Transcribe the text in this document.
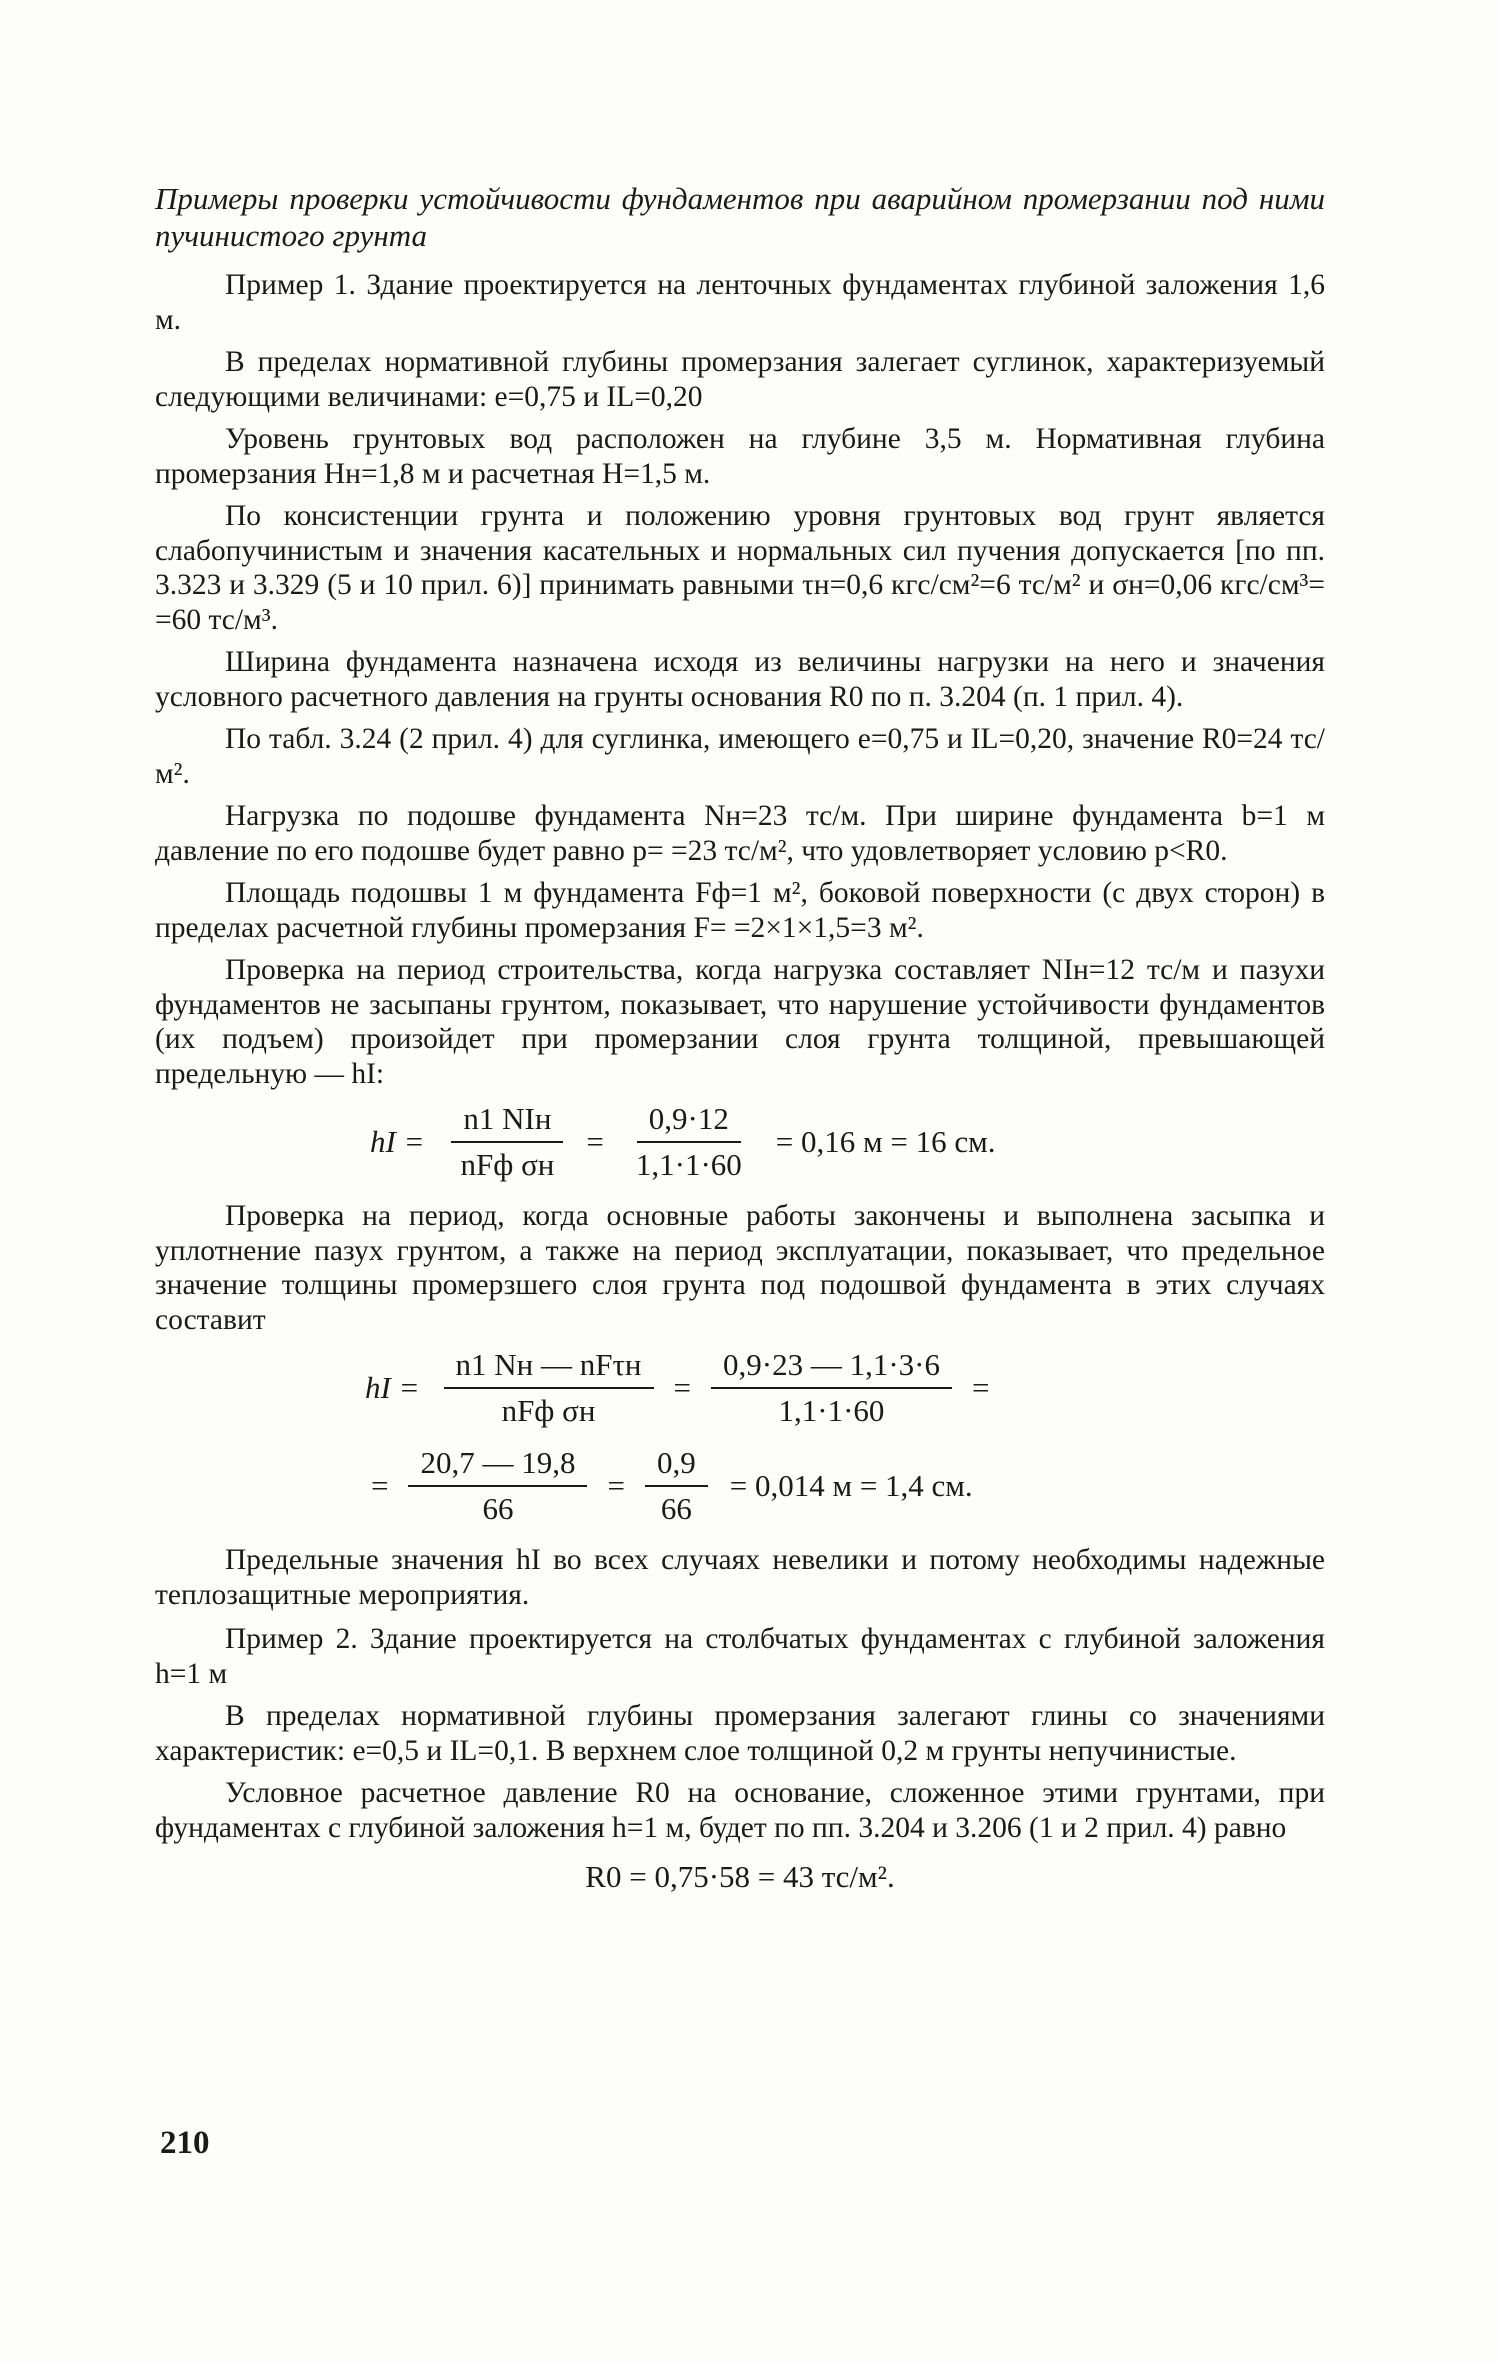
Примеры проверки устойчивости фундаментов при аварийном промерзании под ними пучинистого грунта

Пример 1. Здание проектируется на ленточных фундаментах глубиной заложения 1,6 м.

В пределах нормативной глубины промерзания залегает суглинок, характеризуемый следующими величинами: e=0,75 и IL=0,20

Уровень грунтовых вод расположен на глубине 3,5 м. Нормативная глубина промерзания Hн=1,8 м и расчетная H=1,5 м.

По консистенции грунта и положению уровня грунтовых вод грунт является слабопучинистым и значения касательных и нормальных сил пучения допускается [по пп. 3.323 и 3.329 (5 и 10 прил. 6)] принимать равными τн=0,6 кгс/см²=6 тс/м² и σн=0,06 кгс/см³= =60 тс/м³.

Ширина фундамента назначена исходя из величины нагрузки на него и значения условного расчетного давления на грунты основания R0 по п. 3.204 (п. 1 прил. 4).

По табл. 3.24 (2 прил. 4) для суглинка, имеющего e=0,75 и IL=0,20, значение R0=24 тс/м².

Нагрузка по подошве фундамента Nн=23 тс/м. При ширине фундамента b=1 м давление по его подошве будет равно p= =23 тс/м², что удовлетворяет условию p<R0.

Площадь подошвы 1 м фундамента Fф=1 м², боковой поверхности (с двух сторон) в пределах расчетной глубины промерзания F= =2×1×1,5=3 м².

Проверка на период строительства, когда нагрузка составляет NIн=12 тс/м и пазухи фундаментов не засыпаны грунтом, показывает, что нарушение устойчивости фундаментов (их подъем) произойдет при промерзании слоя грунта толщиной, превышающей предельную — hI:

hI = $\frac{\text{n1 NIн}}{\text{nFф σн}} = \frac{0,9\cdot 12}{1,1\cdot 1\cdot 60} = 0,16$ м = 16 см.

Проверка на период, когда основные работы закончены и выполнена засыпка и уплотнение пазух грунтом, а также на период эксплуатации, показывает, что предельное значение толщины промерзшего слоя грунта под подошвой фундамента в этих случаях составит

hI = $\frac{\text{n1 Nн — nFτн}}{\text{nFф σн}} = \frac{0,9\cdot 23 — 1,1\cdot 3\cdot 6}{1,1\cdot 1\cdot 60}$ =
= $\frac{20,7 — 19,8}{66} = \frac{0,9}{66} = 0,014$ м = 1,4 см.

Предельные значения hI во всех случаях невелики и потому необходимы надежные теплозащитные мероприятия.

Пример 2. Здание проектируется на столбчатых фундаментах с глубиной заложения h=1 м

В пределах нормативной глубины промерзания залегают глины со значениями характеристик: e=0,5 и IL=0,1. В верхнем слое толщиной 0,2 м грунты непучинистые.

Условное расчетное давление R0 на основание, сложенное этими грунтами, при фундаментах с глубиной заложения h=1 м, будет по пп. 3.204 и 3.206 (1 и 2 прил. 4) равно

R0 = 0,75·58 = 43 тс/м².
210
